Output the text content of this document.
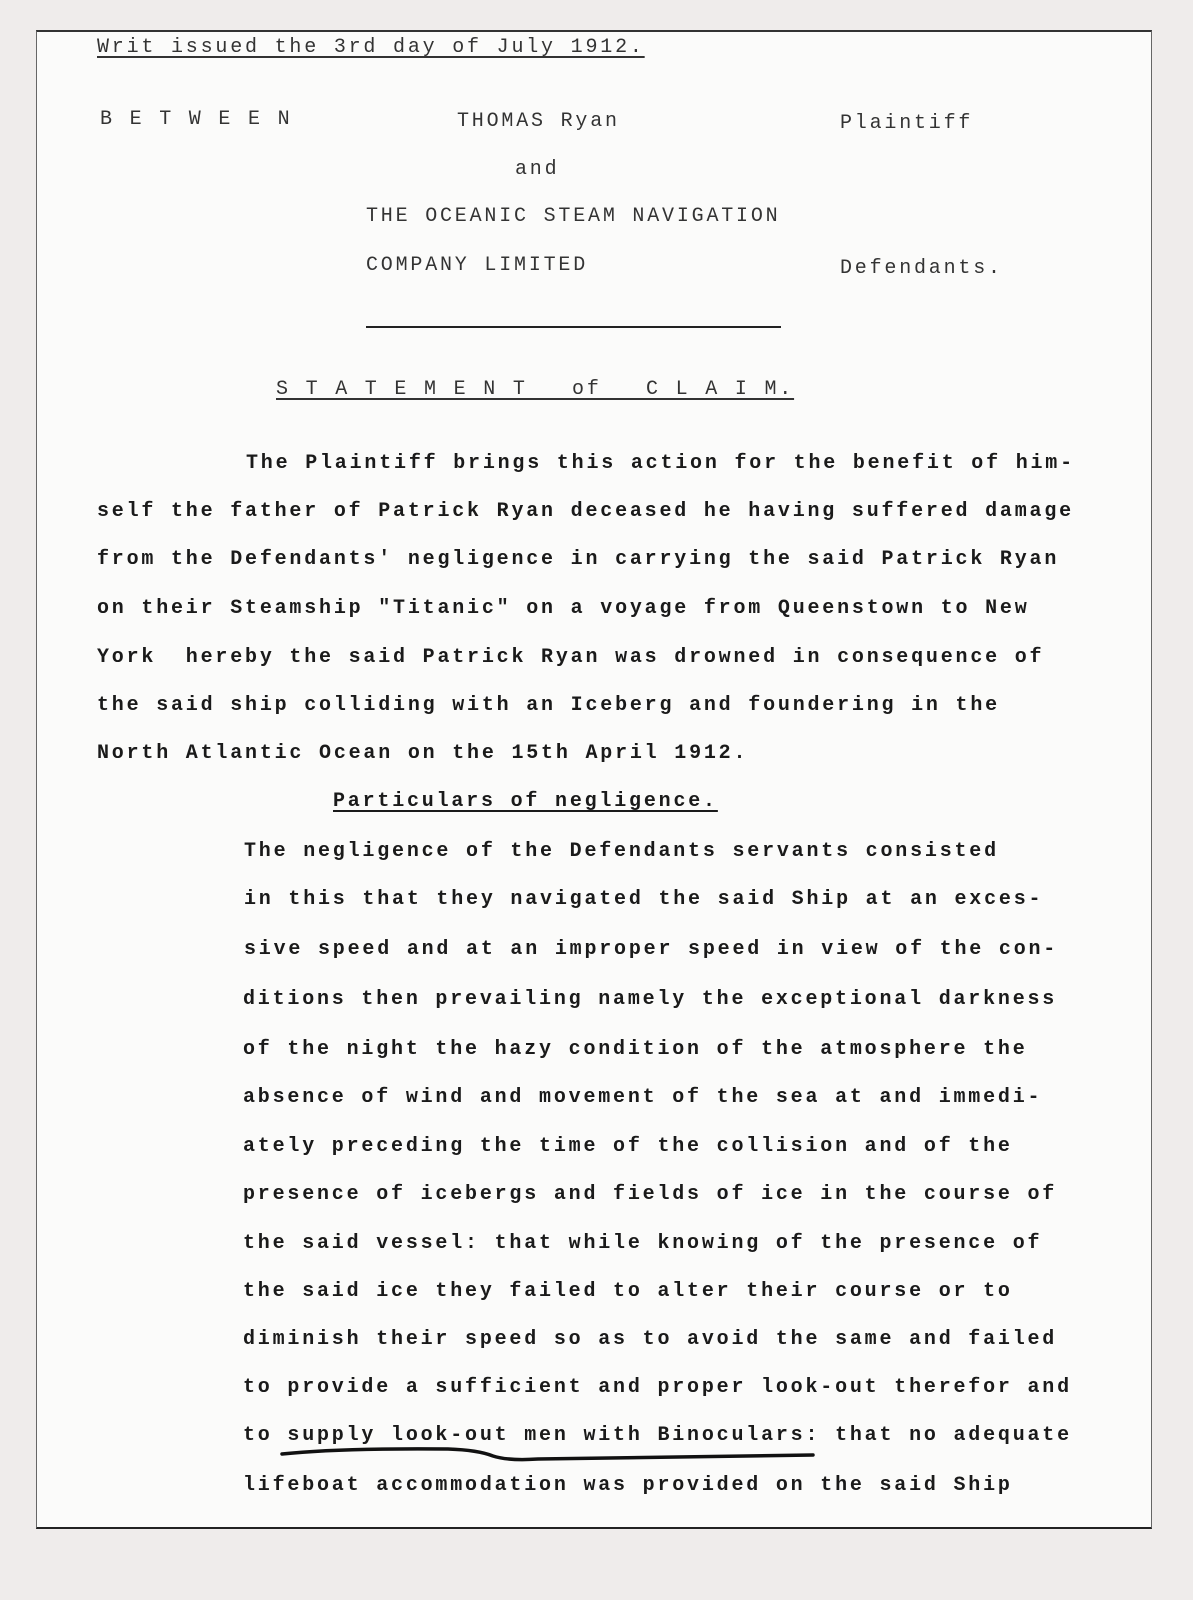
Writ issued the 3rd day of July 1912.
B E T W E E N	THOMAS Ryan	Plaintiff
and
THE OCEANIC STEAM NAVIGATION
COMPANY LIMITED	Defendants.
S T A T E M E N T   of   C L A I M.
The Plaintiff brings this action for the benefit of him-
self the father of Patrick Ryan deceased he having suffered damage
from the Defendants' negligence in carrying the said Patrick Ryan
on their Steamship "Titanic" on a voyage from Queenstown to New
York  hereby the said Patrick Ryan was drowned in consequence of
the said ship colliding with an Iceberg and foundering in the
North Atlantic Ocean on the 15th April 1912.
Particulars of negligence.
The negligence of the Defendants servants consisted
in this that they navigated the said Ship at an exces-
sive speed and at an improper speed in view of the con-
ditions then prevailing namely the exceptional darkness
of the night the hazy condition of the atmosphere the
absence of wind and movement of the sea at and immedi-
ately preceding the time of the collision and of the
presence of icebergs and fields of ice in the course of
the said vessel: that while knowing of the presence of
the said ice they failed to alter their course or to
diminish their speed so as to avoid the same and failed
to provide a sufficient and proper look-out therefor and
to supply look-out men with Binoculars: that no adequate
lifeboat accommodation was provided on the said Ship
